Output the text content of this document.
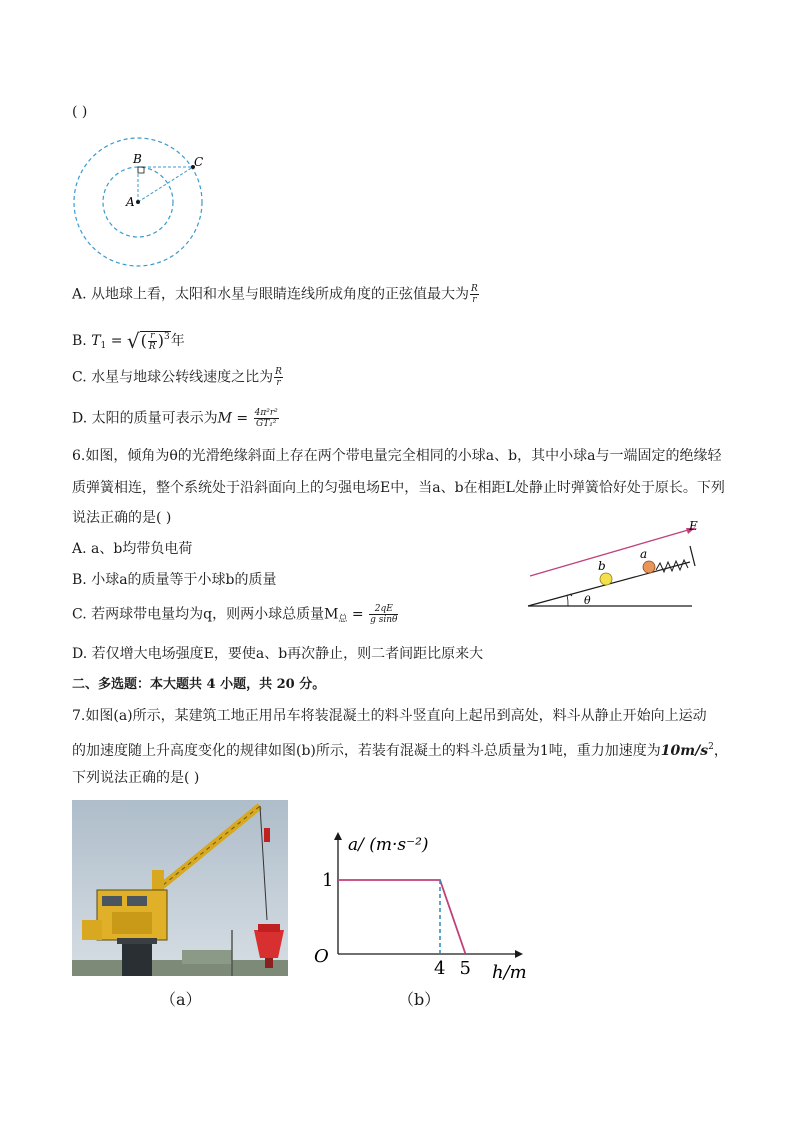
( )
A
B	C
A. 从地球上看，太阳和水星与眼睛连线所成角度的正弦值最大为 $\frac{R}{r}$
B. $T_1$ = √( $\frac{r}{R} )^3$年
C. 水星与地球公转线速度之比为 $\frac{R}{r}$
D. 太阳的质量可表示为$M = \frac{\text{4π²r²}}{\text{GT₁²}}$
6.如图，倾角为θ的光滑绝缘斜面上存在两个带电量完全相同的小球a、b，其中小球a与一端固定的绝缘轻
质弹簧相连，整个系统处于沿斜面向上的匀强电场E中，当a、b在相距L处静止时弹簧恰好处于原长。下列
说法正确的是( )
A. a、b均带负电荷
B. 小球a的质量等于小球b的质量
C. 若两球带电量均为q，则两小球总质量$M_总 = \frac{2qE}{\text{g sinθ}}$
D. 若仅增大电场强度E，要使a、b再次静止，则二者间距比原来大
E
a
b
θ
二、多选题：本大题共 4 小题，共 20 分。
7.如图(a)所示，某建筑工地正用吊车将装混凝土的料斗竖直向上起吊到高处，料斗从静止开始向上运动
的加速度随上升高度变化的规律如图(b)所示，若装有混凝土的料斗总质量为1吨，重力加速度为$10m/s^2$，
下列说法正确的是( )
（a）
O
1
4 5 h/m
a/ (m·s⁻²)
（b）
